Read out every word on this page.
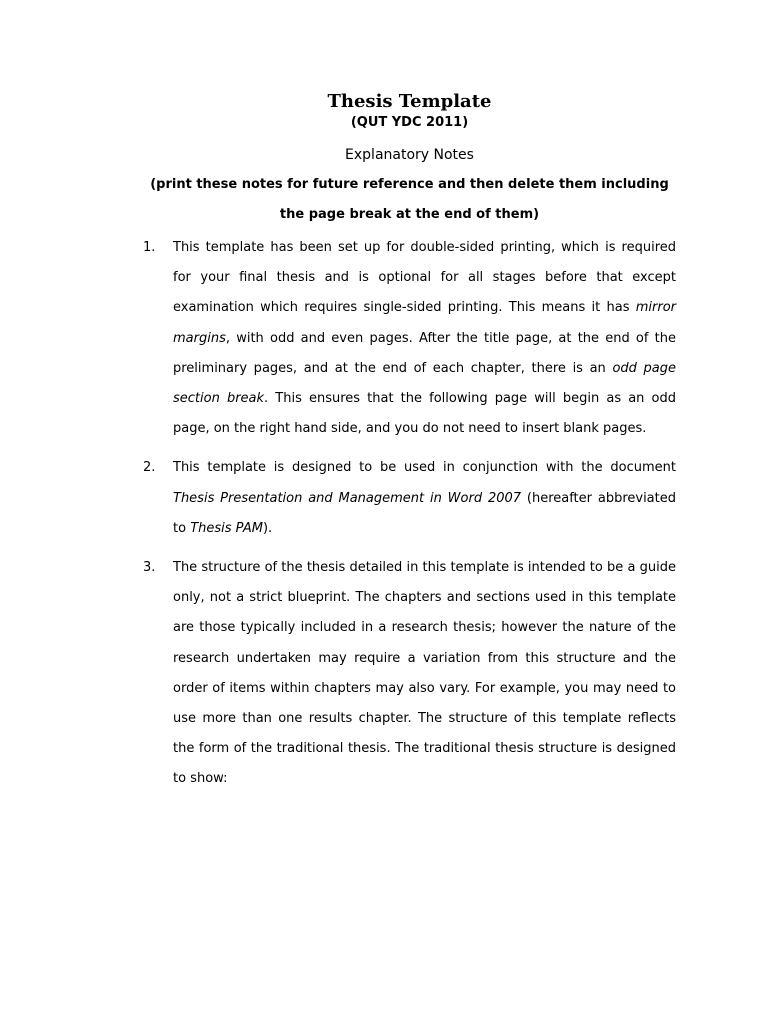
Thesis Template

(QUT YDC 2011)

Explanatory Notes

(print these notes for future reference and then delete them including the page break at the end of them)

1. This template has been set up for double-sided printing, which is required for your final thesis and is optional for all stages before that except examination which requires single-sided printing. This means it has mirror margins, with odd and even pages. After the title page, at the end of the preliminary pages, and at the end of each chapter, there is an odd page section break. This ensures that the following page will begin as an odd page, on the right hand side, and you do not need to insert blank pages.
2. This template is designed to be used in conjunction with the document Thesis Presentation and Management in Word 2007 (hereafter abbreviated to Thesis PAM).
3. The structure of the thesis detailed in this template is intended to be a guide only, not a strict blueprint. The chapters and sections used in this template are those typically included in a research thesis; however the nature of the research undertaken may require a variation from this structure and the order of items within chapters may also vary. For example, you may need to use more than one results chapter. The structure of this template reflects the form of the traditional thesis. The traditional thesis structure is designed to show:
